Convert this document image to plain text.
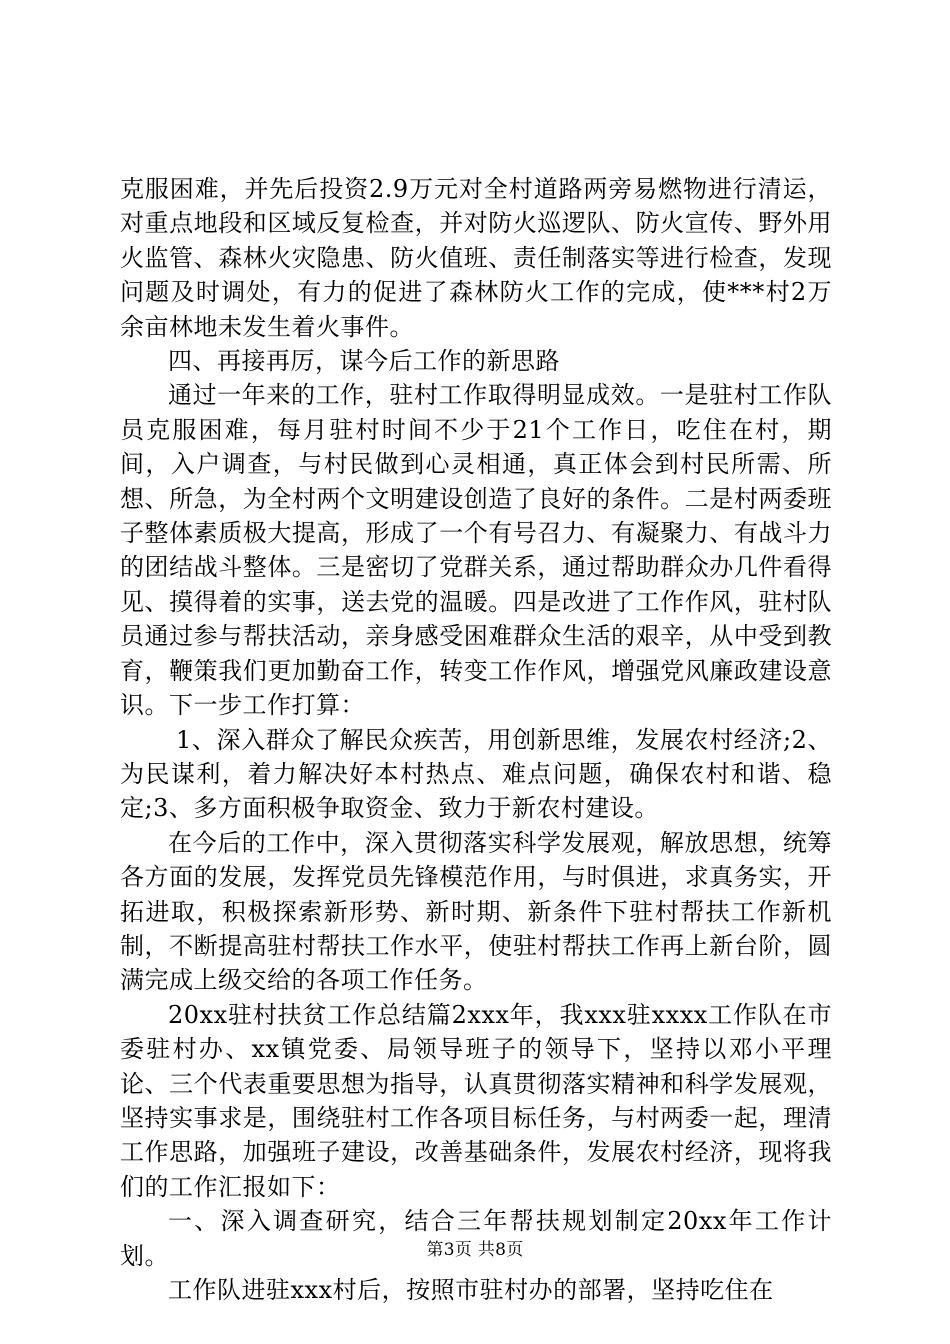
克服困难，并先后投资2.9万元对全村道路两旁易燃物进行清运，对重点地段和区域反复检查，并对防火巡逻队、防火宣传、野外用火监管、森林火灾隐患、防火值班、责任制落实等进行检查，发现问题及时调处，有力的促进了森林防火工作的完成，使***村2万余亩林地未发生着火事件。

四、再接再厉，谋今后工作的新思路

通过一年来的工作，驻村工作取得明显成效。一是驻村工作队员克服困难，每月驻村时间不少于21个工作日，吃住在村，期间，入户调查，与村民做到心灵相通，真正体会到村民所需、所想、所急，为全村两个文明建设创造了良好的条件。二是村两委班子整体素质极大提高，形成了一个有号召力、有凝聚力、有战斗力的团结战斗整体。三是密切了党群关系，通过帮助群众办几件看得见、摸得着的实事，送去党的温暖。四是改进了工作作风，驻村队员通过参与帮扶活动，亲身感受困难群众生活的艰辛，从中受到教育，鞭策我们更加勤奋工作，转变工作作风，增强党风廉政建设意识。下一步工作打算：

1、深入群众了解民众疾苦，用创新思维，发展农村经济;2、为民谋利，着力解决好本村热点、难点问题，确保农村和谐、稳定;3、多方面积极争取资金、致力于新农村建设。

在今后的工作中，深入贯彻落实科学发展观，解放思想，统筹各方面的发展，发挥党员先锋模范作用，与时俱进，求真务实，开拓进取，积极探索新形势、新时期、新条件下驻村帮扶工作新机制，不断提高驻村帮扶工作水平，使驻村帮扶工作再上新台阶，圆满完成上级交给的各项工作任务。

20xx驻村扶贫工作总结篇2xxx年，我xxx驻xxxx工作队在市委驻村办、xx镇党委、局领导班子的领导下，坚持以邓小平理论、三个代表重要思想为指导，认真贯彻落实精神和科学发展观，坚持实事求是，围绕驻村工作各项目标任务，与村两委一起，理清工作思路，加强班子建设，改善基础条件，发展农村经济，现将我们的工作汇报如下：

一、深入调查研究，结合三年帮扶规划制定20xx年工作计划。

工作队进驻xxx村后，按照市驻村办的部署，坚持吃住在

第3页 共8页
